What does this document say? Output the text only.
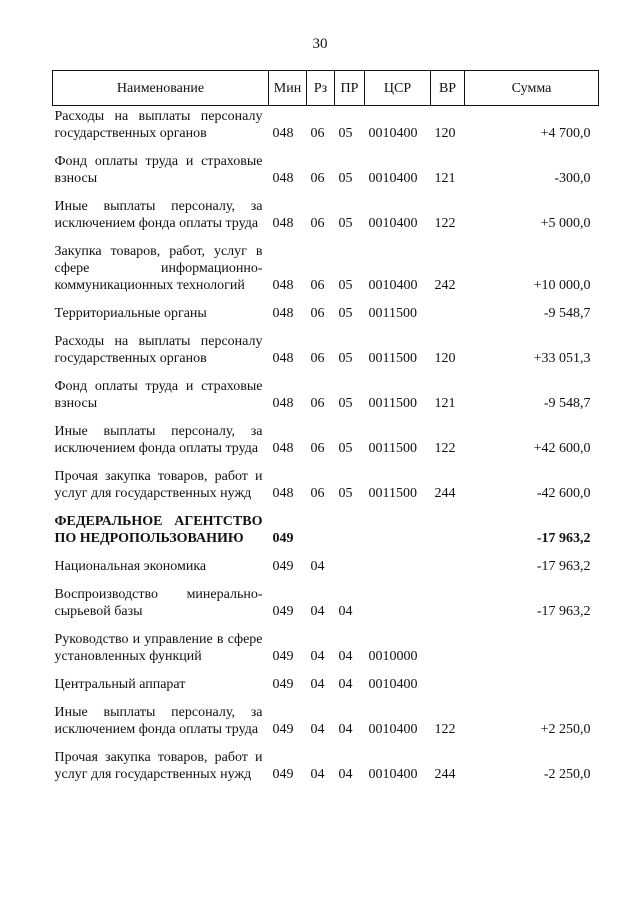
30
Наименование	Мин	Рз	ПР	ЦСР	ВР	Сумма
Расходы на выплаты персоналу государственных органов	048	06	05	0010400	120	+4 700,0
Фонд оплаты труда и страховые взносы	048	06	05	0010400	121	-300,0
Иные выплаты персоналу, за исключением фонда оплаты труда	048	06	05	0010400	122	+5 000,0
Закупка товаров, работ, услуг в сфере информационно-коммуникационных технологий	048	06	05	0010400	242	+10 000,0
Территориальные органы	048	06	05	0011500		-9 548,7
Расходы на выплаты персоналу государственных органов	048	06	05	0011500	120	+33 051,3
Фонд оплаты труда и страховые взносы	048	06	05	0011500	121	-9 548,7
Иные выплаты персоналу, за исключением фонда оплаты труда	048	06	05	0011500	122	+42 600,0
Прочая закупка товаров, работ и услуг для государственных нужд	048	06	05	0011500	244	-42 600,0
ФЕДЕРАЛЬНОЕ АГЕНТСТВО ПО НЕДРОПОЛЬЗОВАНИЮ	049					-17 963,2
Национальная экономика	049	04				-17 963,2
Воспроизводство минерально-сырьевой базы	049	04	04			-17 963,2
Руководство и управление в сфере установленных функций	049	04	04	0010000		
Центральный аппарат	049	04	04	0010400		
Иные выплаты персоналу, за исключением фонда оплаты труда	049	04	04	0010400	122	+2 250,0
Прочая закупка товаров, работ и услуг для государственных нужд	049	04	04	0010400	244	-2 250,0
